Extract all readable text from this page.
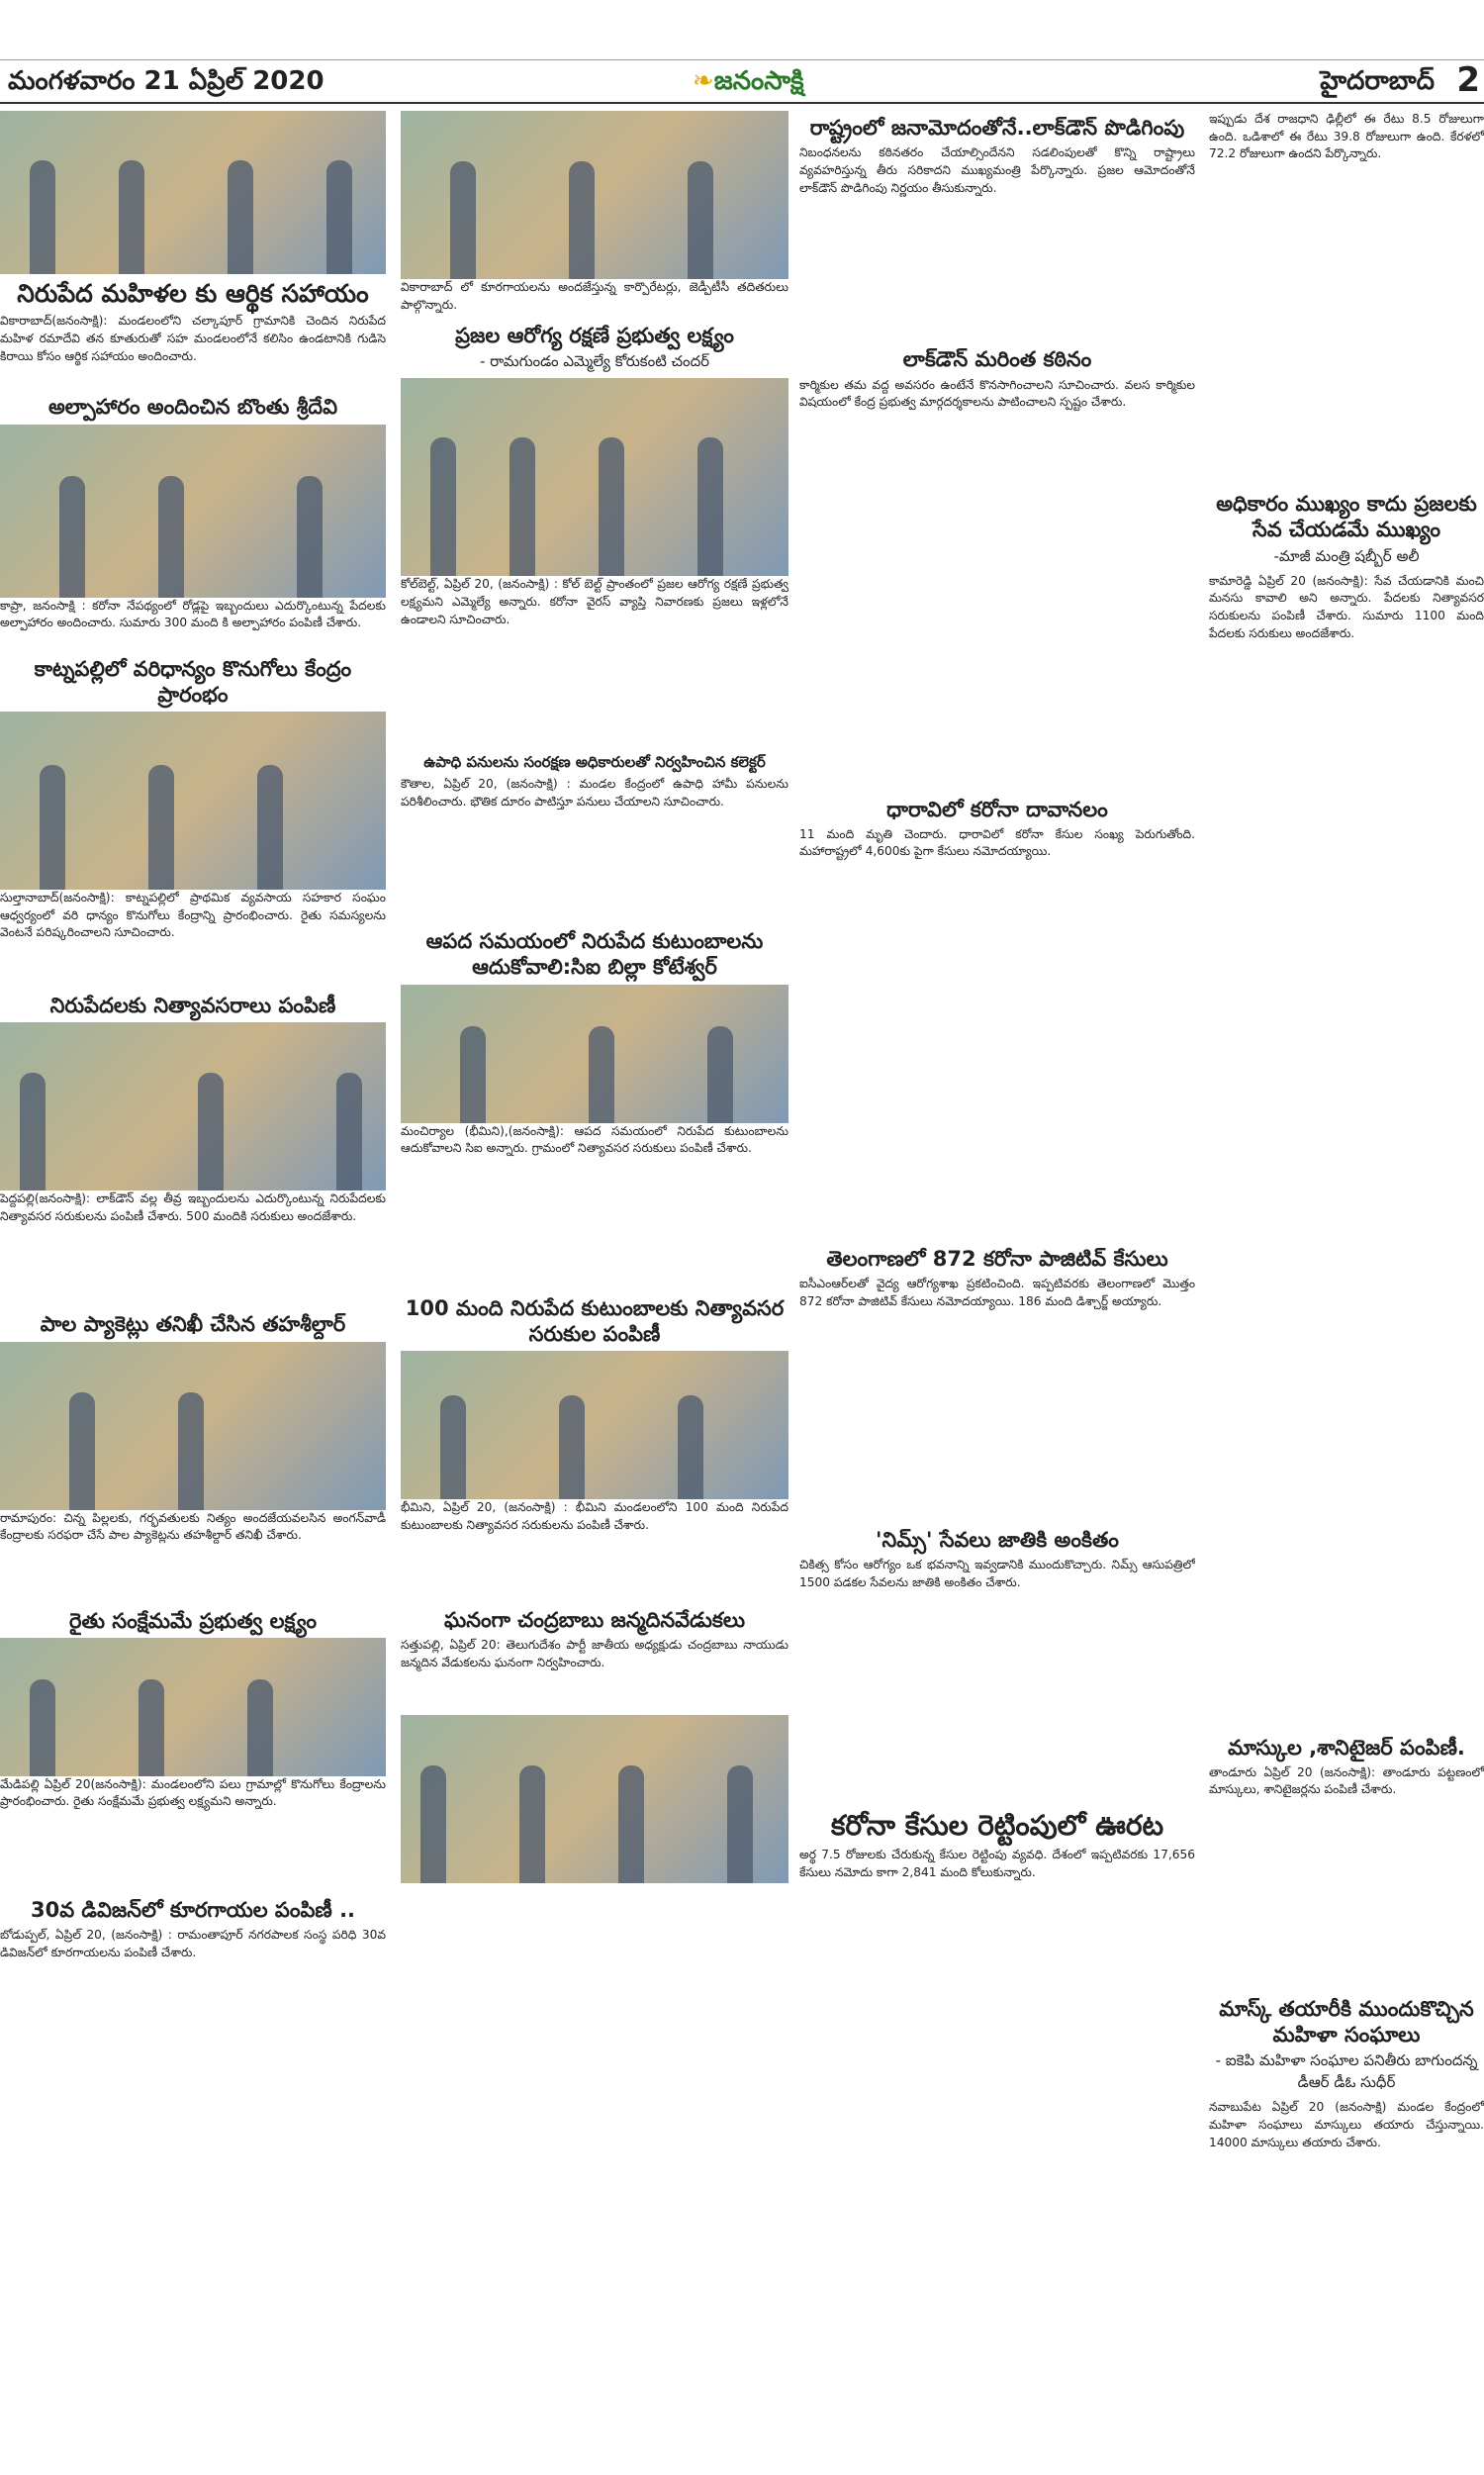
మంగళవారం 21 ఏప్రిల్ 2020	❧జనంసాక్షి	హైదరాబాద్ 2
నిరుపేద మహిళల కు ఆర్థిక సహాయం

వికారాబాద్(జనంసాక్షి): మండలంలోని చల్కాపూర్ గ్రామానికి చెందిన నిరుపేద మహిళ రమాదేవి తన కూతురుతో సహ మండలంలోనే కలిసిం ఉండటానికి గుడిసె కిరాయి కోసం ఆర్థిక సహాయం అందించారు.

అల్పాహారం అందించిన బొంతు శ్రీదేవి

కాప్రా, జనంసాక్షి : కరోనా నేపథ్యంలో రోడ్లపై ఇబ్బందులు ఎదుర్కొంటున్న పేదలకు అల్పాహారం అందించారు. సుమారు 300 మంది కి అల్పాహారం పంపిణీ చేశారు.

కాట్నపల్లిలో వరిధాన్యం కొనుగోలు కేంద్రం ప్రారంభం

సుల్తానాబాద్(జనంసాక్షి): కాట్నపల్లిలో ప్రాథమిక వ్యవసాయ సహకార సంఘం ఆధ్వర్యంలో వరి ధాన్యం కొనుగోలు కేంద్రాన్ని ప్రారంభించారు. రైతు సమస్యలను వెంటనే పరిష్కరించాలని సూచించారు.

నిరుపేదలకు నిత్యావసరాలు పంపిణీ

పెద్దపల్లి(జనంసాక్షి): లాక్‌డౌన్ వల్ల తీవ్ర ఇబ్బందులను ఎదుర్కొంటున్న నిరుపేదలకు నిత్యావసర సరుకులను పంపిణీ చేశారు. 500 మందికి సరుకులు అందజేశారు.

పాల ప్యాకెట్లు తనిఖీ చేసిన తహశీల్దార్

రామాపురం: చిన్న పిల్లలకు, గర్భవతులకు నిత్యం అందజేయవలసిన అంగన్‌వాడీ కేంద్రాలకు సరఫరా చేసే పాల ప్యాకెట్లను తహశీల్దార్ తనిఖీ చేశారు.

రైతు సంక్షేమమే ప్రభుత్వ లక్ష్యం

మేడిపల్లి ఏప్రిల్ 20(జనంసాక్షి): మండలంలోని పలు గ్రామాల్లో కొనుగోలు కేంద్రాలను ప్రారంభించారు. రైతు సంక్షేమమే ప్రభుత్వ లక్ష్యమని అన్నారు.

30వ డివిజన్‌లో కూరగాయల పంపిణీ ..

బోడుప్పల్, ఏప్రిల్ 20, (జనంసాక్షి) : రామంతాపూర్ నగరపాలక సంస్థ పరిధి 30వ డివిజన్‌లో కూరగాయలను పంపిణీ చేశారు.

వికారాబాద్ లో కూరగాయలను అందజేస్తున్న కార్పొరేటర్లు, జెడ్పీటీసీ తదితరులు పాల్గొన్నారు.

ప్రజల ఆరోగ్య రక్షణే ప్రభుత్వ లక్ష్యం
- రామగుండం ఎమ్మెల్యే కోరుకంటి చందర్

కోల్‌బెల్ట్, ఏప్రిల్ 20, (జనంసాక్షి) : కోల్ బెల్ట్ ప్రాంతంలో ప్రజల ఆరోగ్య రక్షణే ప్రభుత్వ లక్ష్యమని ఎమ్మెల్యే అన్నారు. కరోనా వైరస్ వ్యాప్తి నివారణకు ప్రజలు ఇళ్లలోనే ఉండాలని సూచించారు.

ఉపాధి పనులను సంరక్షణ అధికారులతో నిర్వహించిన కలెక్టర్

కౌతాల, ఏప్రిల్ 20, (జనంసాక్షి) : మండల కేంద్రంలో ఉపాధి హామీ పనులను పరిశీలించారు. భౌతిక దూరం పాటిస్తూ పనులు చేయాలని సూచించారు.

ఆపద సమయంలో నిరుపేద కుటుంబాలను ఆదుకోవాలి:సిఐ బిల్లా కోటేశ్వర్

మంచిర్యాల (భీమిని),(జనంసాక్షి): ఆపద సమయంలో నిరుపేద కుటుంబాలను ఆదుకోవాలని సిఐ అన్నారు. గ్రామంలో నిత్యావసర సరుకులు పంపిణీ చేశారు.

100 మంది నిరుపేద కుటుంబాలకు నిత్యావసర సరుకుల పంపిణీ

భీమిని, ఏప్రిల్ 20, (జనంసాక్షి) : భీమిని మండలంలోని 100 మంది నిరుపేద కుటుంబాలకు నిత్యావసర సరుకులను పంపిణీ చేశారు.

ఘనంగా చంద్రబాబు జన్మదినవేడుకలు

సత్తుపల్లి, ఏప్రిల్ 20: తెలుగుదేశం పార్టీ జాతీయ అధ్యక్షుడు చంద్రబాబు నాయుడు జన్మదిన వేడుకలను ఘనంగా నిర్వహించారు.

రాష్ట్రంలో జనామోదంతోనే..లాక్‌డౌన్ పొడిగింపు

నిబంధనలను కఠినతరం చేయాల్సిందేనని సడలింపులతో కొన్ని రాష్ట్రాలు వ్యవహరిస్తున్న తీరు సరికాదని ముఖ్యమంత్రి పేర్కొన్నారు. ప్రజల ఆమోదంతోనే లాక్‌డౌన్ పొడిగింపు నిర్ణయం తీసుకున్నారు.

లాక్‌డౌన్ మరింత కఠినం

కార్మికుల తమ వద్ద అవసరం ఉంటేనే కొనసాగించాలని సూచించారు. వలస కార్మికుల విషయంలో కేంద్ర ప్రభుత్వ మార్గదర్శకాలను పాటించాలని స్పష్టం చేశారు.

ధారావిలో కరోనా దావానలం

11 మంది మృతి చెందారు. ధారావిలో కరోనా కేసుల సంఖ్య పెరుగుతోంది. మహారాష్ట్రలో 4,600కు పైగా కేసులు నమోదయ్యాయి.

తెలంగాణలో 872 కరోనా పాజిటివ్ కేసులు

ఐసీఎంఆర్‌లతో వైద్య ఆరోగ్యశాఖ ప్రకటించింది. ఇప్పటివరకు తెలంగాణలో మొత్తం 872 కరోనా పాజిటివ్ కేసులు నమోదయ్యాయి. 186 మంది డిశ్చార్జ్ అయ్యారు.

'నిమ్స్' సేవలు జాతికి అంకితం

చికిత్స కోసం ఆరోగ్యం ఒక భవనాన్ని ఇవ్వడానికి ముందుకొచ్చారు. నిమ్స్ ఆసుపత్రిలో 1500 పడకల సేవలను జాతికి అంకితం చేశారు.

కరోనా కేసుల రెట్టింపులో ఊరట

అర్థ 7.5 రోజులకు చేరుకున్న కేసుల రెట్టింపు వ్యవధి. దేశంలో ఇప్పటివరకు 17,656 కేసులు నమోదు కాగా 2,841 మంది కోలుకున్నారు.

ఇప్పుడు దేశ రాజధాని ఢిల్లీలో ఈ రేటు 8.5 రోజులుగా ఉంది. ఒడిశాలో ఈ రేటు 39.8 రోజులుగా ఉంది. కేరళలో 72.2 రోజులుగా ఉందని పేర్కొన్నారు.

అధికారం ముఖ్యం కాదు ప్రజలకు సేవ చేయడమే ముఖ్యం
-మాజీ మంత్రి షబ్బీర్ అలీ

కామారెడ్డి ఏప్రిల్ 20 (జనంసాక్షి): సేవ చేయడానికి మంచి మనసు కావాలి అని అన్నారు. పేదలకు నిత్యావసర సరుకులను పంపిణీ చేశారు. సుమారు 1100 మంది పేదలకు సరుకులు అందజేశారు.

మాస్కుల ,శానిటైజర్ పంపిణీ.

తాండూరు ఏప్రిల్ 20 (జనంసాక్షి): తాండూరు పట్టణంలో మాస్కులు, శానిటైజర్లను పంపిణీ చేశారు.

మాస్క్ తయారీకి ముందుకొచ్చిన మహిళా సంఘాలు
- ఐకెపి మహిళా సంఘాల పనితీరు బాగుందన్న డీఆర్ డీఓ సుధీర్

నవాబుపేట ఏప్రిల్ 20 (జనంసాక్షి) మండల కేంద్రంలో మహిళా సంఘాలు మాస్కులు తయారు చేస్తున్నాయి. 14000 మాస్కులు తయారు చేశారు.
